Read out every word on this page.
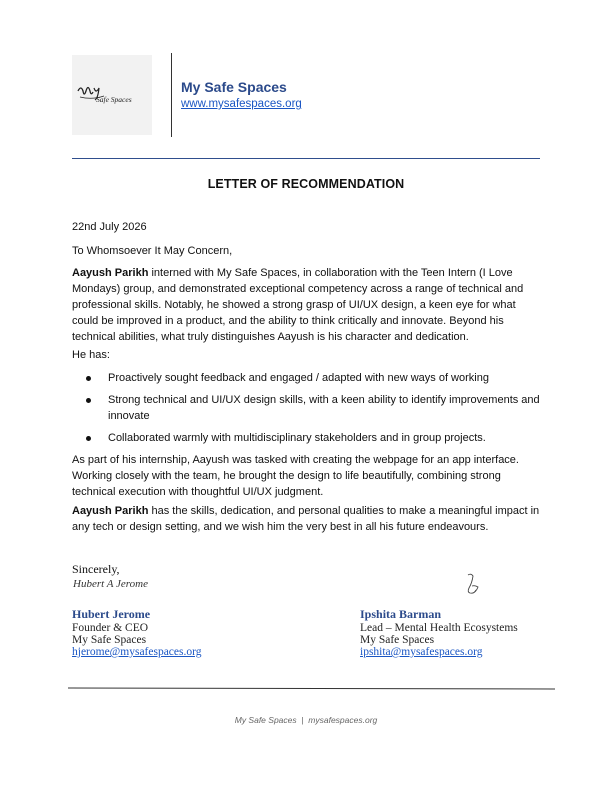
Safe Spaces
My Safe Spaces
www.mysafespaces.org
LETTER OF RECOMMENDATION
22nd July 2026
To Whomsoever It May Concern,
Aayush Parikh interned with My Safe Spaces, in collaboration with the Teen Intern (I Love Mondays) group, and demonstrated exceptional competency across a range of technical and professional skills. Notably, he showed a strong grasp of UI/UX design, a keen eye for what could be improved in a product, and the ability to think critically and innovate. Beyond his technical abilities, what truly distinguishes Aayush is his character and dedication.
He has:
Proactively sought feedback and engaged / adapted with new ways of working
Strong technical and UI/UX design skills, with a keen ability to identify improvements and innovate
Collaborated warmly with multidisciplinary stakeholders and in group projects.
As part of his internship, Aayush was tasked with creating the webpage for an app interface. Working closely with the team, he brought the design to life beautifully, combining strong technical execution with thoughtful UI/UX judgment.
Aayush Parikh has the skills, dedication, and personal qualities to make a meaningful impact in any tech or design setting, and we wish him the very best in all his future endeavours.
Sincerely,
Hubert A Jerome
Hubert Jerome
Founder & CEO
My Safe Spaces
hjerome@mysafespaces.org
Ipshita Barman
Lead – Mental Health Ecosystems
My Safe Spaces
ipshita@mysafespaces.org
My Safe Spaces  |  mysafespaces.org
